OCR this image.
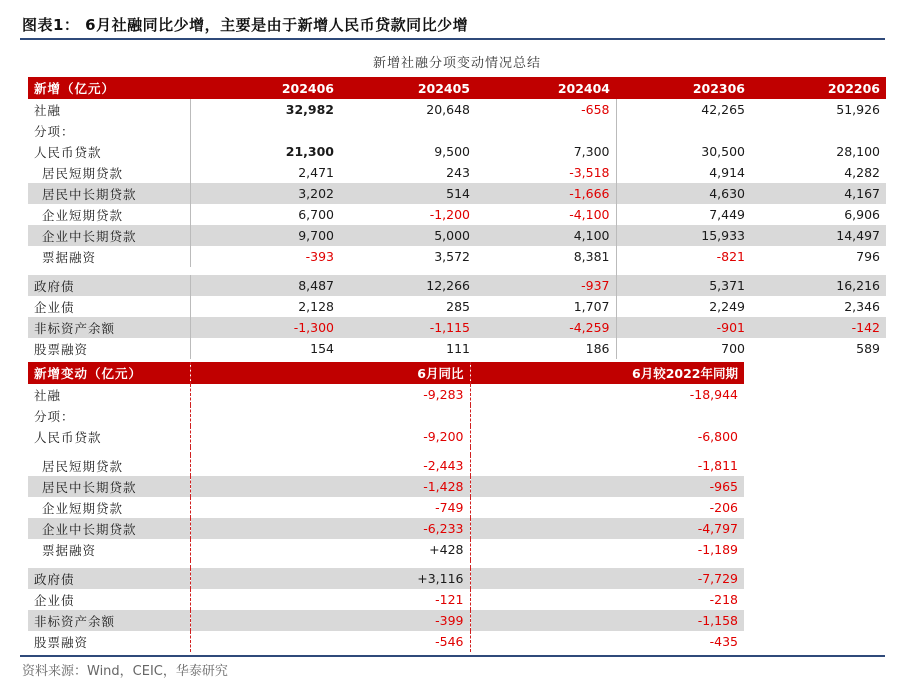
图表1： 6月社融同比少增，主要是由于新增人民币贷款同比少增
新增社融分项变动情况总结
新增（亿元）	202406	202405	202404	202306	202206
社融	32,982	20,648	-658	42,265	51,926
分项：					
人民币贷款	21,300	9,500	7,300	30,500	28,100
居民短期贷款	2,471	243	-3,518	4,914	4,282
居民中长期贷款	3,202	514	-1,666	4,630	4,167
企业短期贷款	6,700	-1,200	-4,100	7,449	6,906
企业中长期贷款	9,700	5,000	4,100	15,933	14,497
票据融资	-393	3,572	8,381	-821	796

政府债	8,487	12,266	-937	5,371	16,216
企业债	2,128	285	1,707	2,249	2,346
非标资产余额	-1,300	-1,115	-4,259	-901	-142
股票融资	154	111	186	700	589
新增变动（亿元）	6月同比	6月较2022年同期
社融	-9,283	-18,944
分项：		
人民币贷款	-9,200	-6,800

居民短期贷款	-2,443	-1,811
居民中长期贷款	-1,428	-965
企业短期贷款	-749	-206
企业中长期贷款	-6,233	-4,797
票据融资	+428	-1,189

政府债	+3,116	-7,729
企业债	-121	-218
非标资产余额	-399	-1,158
股票融资	-546	-435
资料来源：Wind，CEIC，华泰研究
